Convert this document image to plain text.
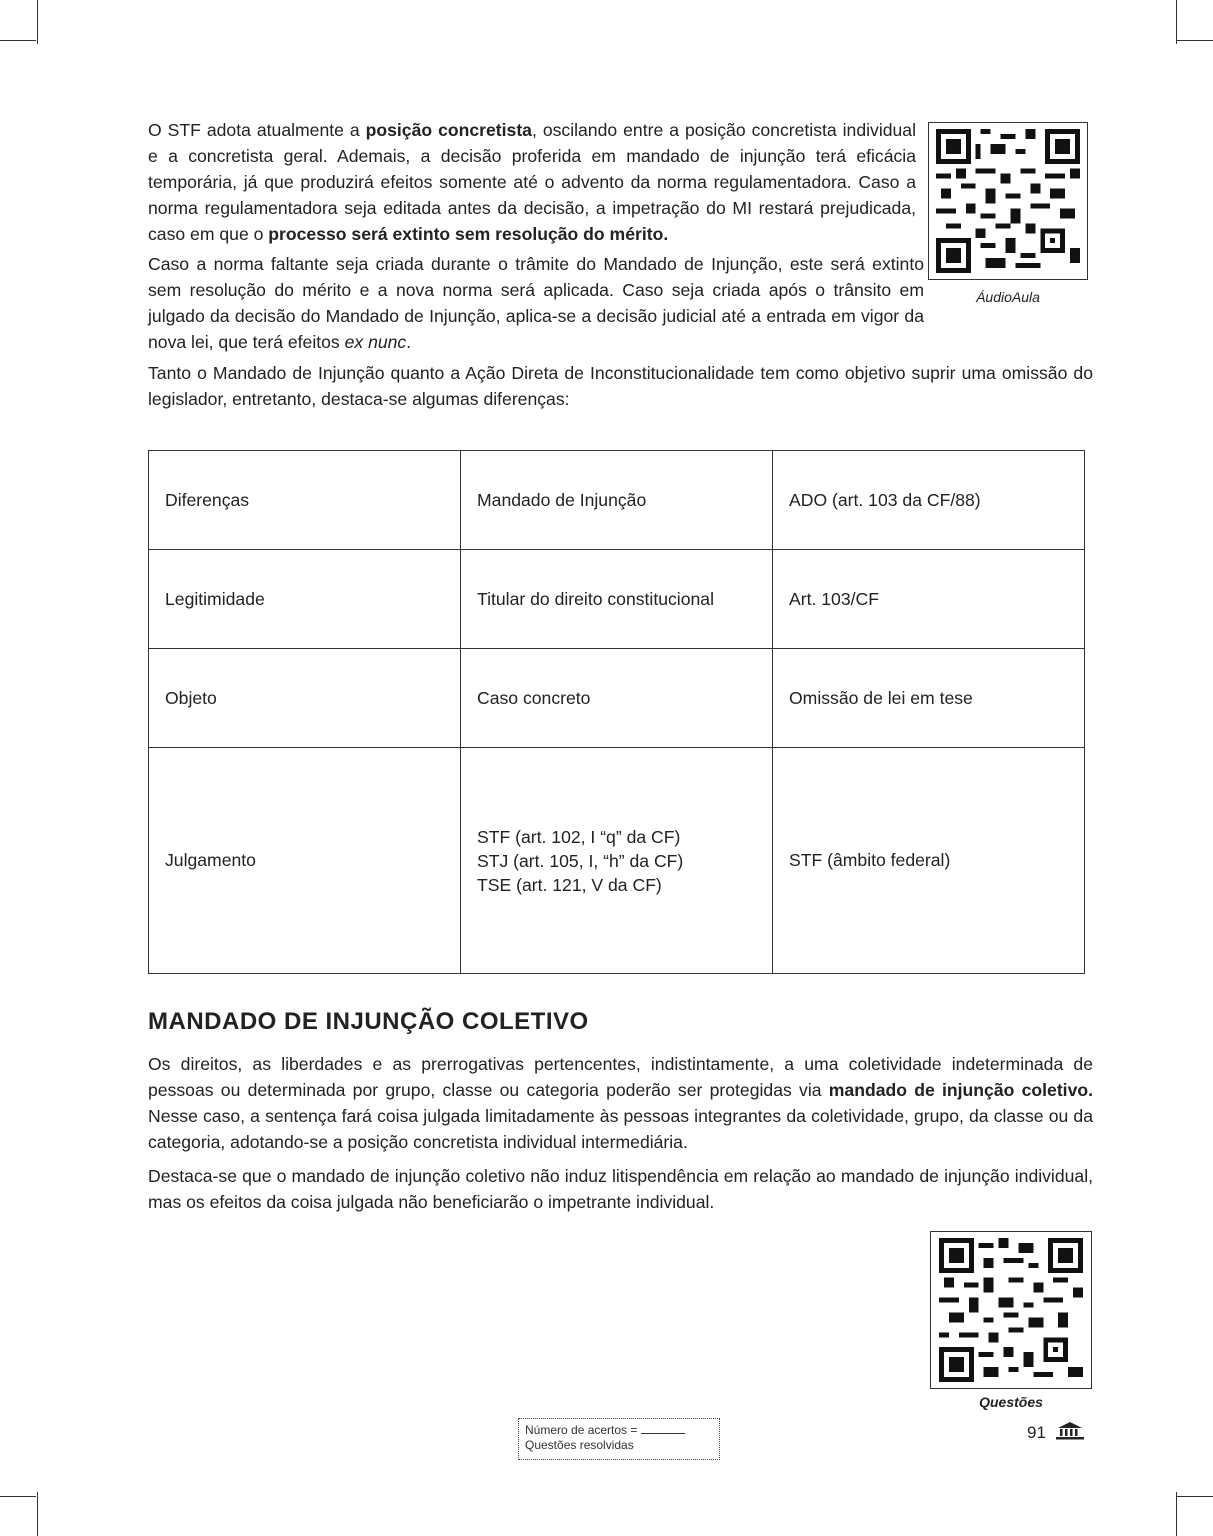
O STF adota atualmente a posição concretista, oscilando entre a posição concretista individual e a concretista geral. Ademais, a decisão proferida em mandado de injunção terá eficácia temporária, já que produzirá efeitos somente até o advento da norma regulamentadora. Caso a norma regulamentadora seja editada antes da decisão, a impetração do MI restará prejudicada, caso em que o processo será extinto sem resolução do mérito.

Caso a norma faltante seja criada durante o trâmite do Mandado de Injunção, este será extinto sem resolução do mérito e a nova norma será aplicada. Caso seja criada após o trânsito em julgado da decisão do Mandado de Injunção, aplica-se a decisão judicial até a entrada em vigor da nova lei, que terá efeitos ex nunc.

ÁudioAula

Tanto o Mandado de Injunção quanto a Ação Direta de Inconstitucionalidade tem como objetivo suprir uma omissão do legislador, entretanto, destaca-se algumas diferenças:

Diferenças	Mandado de Injunção	ADO (art. 103 da CF/88)
Legitimidade	Titular do direito constitucional	Art. 103/CF
Objeto	Caso concreto	Omissão de lei em tese
Julgamento	STF (art. 102, I “q” da CF)
STJ (art. 105, I, “h” da CF)
TSE (art. 121, V da CF)	STF (âmbito federal)
MANDADO DE INJUNÇÃO COLETIVO

Os direitos, as liberdades e as prerrogativas pertencentes, indistintamente, a uma coletividade indeterminada de pessoas ou determinada por grupo, classe ou categoria poderão ser protegidas via mandado de injunção coletivo. Nesse caso, a sentença fará coisa julgada limitadamente às pessoas integrantes da coletividade, grupo, da classe ou da categoria, adotando-se a posição concretista individual intermediária.

Destaca-se que o mandado de injunção coletivo não induz litispendência em relação ao mandado de injunção individual, mas os efeitos da coisa julgada não beneficiarão o impetrante individual.

Questões
Número de acertos =
Questões resolvidas
91
